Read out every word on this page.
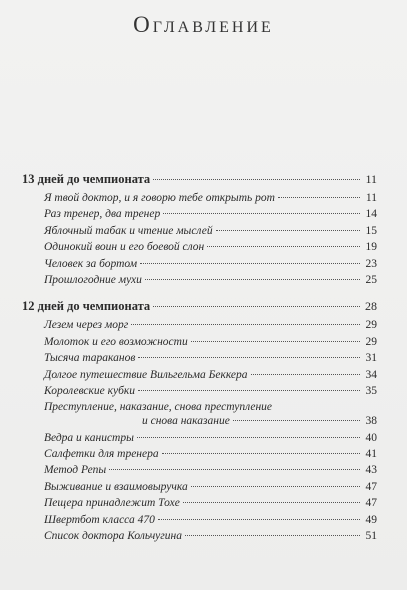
Оглавление
13 дней до чемпионата	11
Я твой доктор, и я говорю тебе открыть рот	11
Раз тренер, два тренер	14
Яблочный табак и чтение мыслей	15
Одинокий воин и его боевой слон	19
Человек за бортом	23
Прошлогодние мухи	25
12 дней до чемпионата	28
Лезем через морг	29
Молоток и его возможности	29
Тысяча тараканов	31
Долгое путешествие Вильгельма Беккера	34
Королевские кубки	35
Преступление, наказание, снова преступление
и снова наказание	38
Ведра и канистры	40
Салфетки для тренера	41
Метод Репы	43
Выживание и взаимовыручка	47
Пещера принадлежит Тохе	47
Швертбот класса 470	49
Список доктора Кольчугина	51
